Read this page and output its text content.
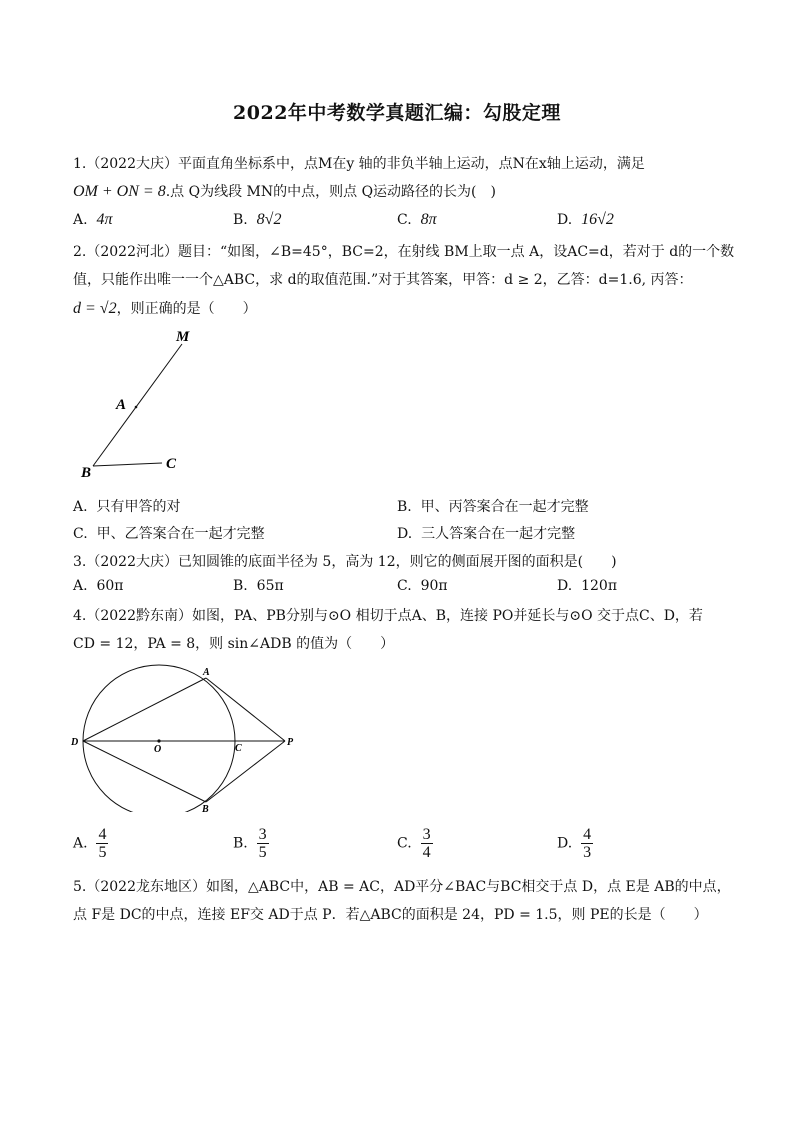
2022年中考数学真题汇编：勾股定理
1.（2022大庆）平面直角坐标系中，点M在y 轴的非负半轴上运动，点N在x轴上运动，满足
OM + ON = 8.点 Q为线段 MN的中点，则点 Q运动路径的长为(　)
A. 4π	B. 8√2	C. 8π	D. 16√2
2.（2022河北）题目：“如图，∠B=45°，BC=2，在射线 BM上取一点 A，设AC=d，若对于 d的一个数
值，只能作出唯一一个△ABC，求 d的取值范围.”对于其答案，甲答：d ≥ 2，乙答：d=1.6, 丙答：
d = √2，则正确的是（　　）
M
A
B
C
A. 只有甲答的对	B. 甲、丙答案合在一起才完整
C. 甲、乙答案合在一起才完整	D. 三人答案合在一起才完整
3.（2022大庆）已知圆锥的底面半径为 5，高为 12，则它的侧面展开图的面积是(　　)
A. 60π	B. 65π	C. 90π	D. 120π
4.（2022黔东南）如图，PA、PB分别与⊙O 相切于点A、B，连接 PO并延长与⊙O 交于点C、D，若
CD = 12，PA = 8，则 sin∠ADB 的值为（　　）
A
B
C
D
O
P
A. $\frac{4}{5}$	B. $\frac{3}{5}$	C. $\frac{3}{4}$	D. $\frac{4}{3}$
5.（2022龙东地区）如图，△ABC中，AB = AC，AD平分∠BAC与BC相交于点 D，点 E是 AB的中点，
点 F是 DC的中点，连接 EF交 AD于点 P．若△ABC的面积是 24，PD = 1.5，则 PE的长是（　　）
